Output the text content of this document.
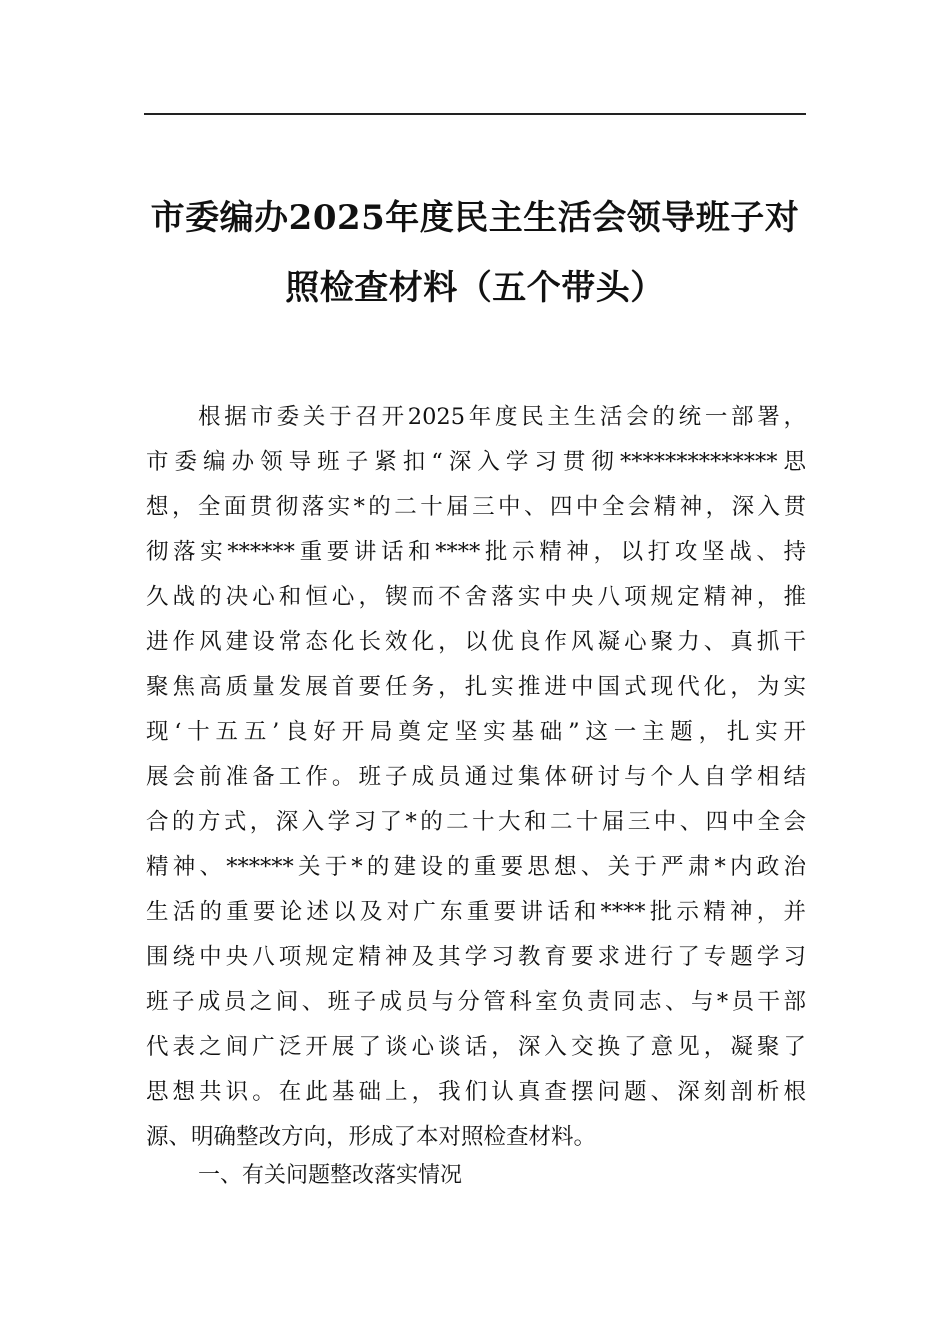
市委编办2025年度民主生活会领导班子对
照检查材料（五个带头）
根据市委关于召开2025年度民主生活会的统一部署，
市委编办领导班子紧扣“深入学习贯彻**************思
想，全面贯彻落实*的二十届三中、四中全会精神，深入贯
彻落实******重要讲话和****批示精神，以打攻坚战、持
久战的决心和恒心，锲而不舍落实中央八项规定精神，推
进作风建设常态化长效化，以优良作风凝心聚力、真抓干
聚焦高质量发展首要任务，扎实推进中国式现代化，为实
现‘十五五’良好开局奠定坚实基础”这一主题，扎实开
展会前准备工作。班子成员通过集体研讨与个人自学相结
合的方式，深入学习了*的二十大和二十届三中、四中全会
精神、******关于*的建设的重要思想、关于严肃*内政治
生活的重要论述以及对广东重要讲话和****批示精神，并
围绕中央八项规定精神及其学习教育要求进行了专题学习
班子成员之间、班子成员与分管科室负责同志、与*员干部
代表之间广泛开展了谈心谈话，深入交换了意见，凝聚了
思想共识。在此基础上，我们认真查摆问题、深刻剖析根
源、明确整改方向，形成了本对照检查材料。
一、有关问题整改落实情况
